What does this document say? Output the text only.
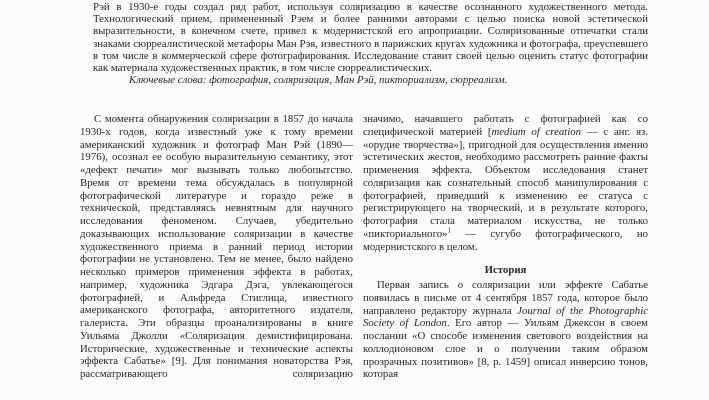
Рэй в 1930-е годы создал ряд работ, используя соляризацию в качестве осознанного художественного метода. Технологический прием, примененный Рэем и более ранними авторами с целью поиска новой эстетической выразительности, в конечном счете, привел к модернистской его апроприации. Соляризованные отпечатки стали знаками сюрреалистической метафоры Ман Рэя, известного в парижских кругах художника и фотографа, преуспевшего в том числе в коммерческой сфере фотографирования. Исследование ставит своей целью оценить статус фотографии как материала художественных практик, в том числе сюрреалистических.

Ключевые слова: фотография, соляризация, Ман Рэй, пикториализм, сюрреализм.

С момента обнаружения соляризации в 1857 до начала 1930-х годов, когда известный уже к тому времени американский художник и фотограф Ман Рэй (1890—1976), осознал ее особую выразительную семантику, этот «дефект печати» мог вызывать только любопытство. Время от времени тема обсуждалась в популярной фотографической литературе и гораздо реже в технической, представляясь невнятным для научного исследования феноменом. Случаев, убедительно доказывающих использование соляризации в качестве художественного приема в ранний период истории фотографии не установлено. Тем не менее, было найдено несколько примеров применения эффекта в работах, например, художника Эдгара Дэга, увлекающегося фотографией, и Альфреда Стиглица, известного американского фотографа, авторитетного издателя, галериста. Эти образцы проанализированы в книге Уильяма Джолли «Соляризация демистифицирована. Исторические, художественные и технические аспекты эффекта Сабатье» [9]. Для понимания новаторства Рэя, рассматривающего соляризацию

значимо, начавшего работать с фотографией как со специфической материей [medium of creation — с анг. яз. «орудие творчества»], пригодной для осуществления именно эстетических жестов, необходимо рассмотреть ранние факты применения эффекта. Объектом исследования станет соляризация как сознательный способ манипулирования с фотографией, приведший к изменению ее статуса с регистрирующего на творческий, и в результате которого, фотография стала материалом искусства, не только «пикториального»$^1$ — сугубо фотографического, но модернистского в целом.

История

Первая запись о соляризации или эффекте Сабатье появилась в письме от 4 сентября 1857 года, которое было направлено редактору журнала Journal of the Photographic Society of London. Его автор — Уильям Джексон в своем послании «О способе изменения светового воздействия на коллодионовом слое и о получении таким образом прозрачных позитивов» [8, p. 1459] описал инверсию тонов, которая
